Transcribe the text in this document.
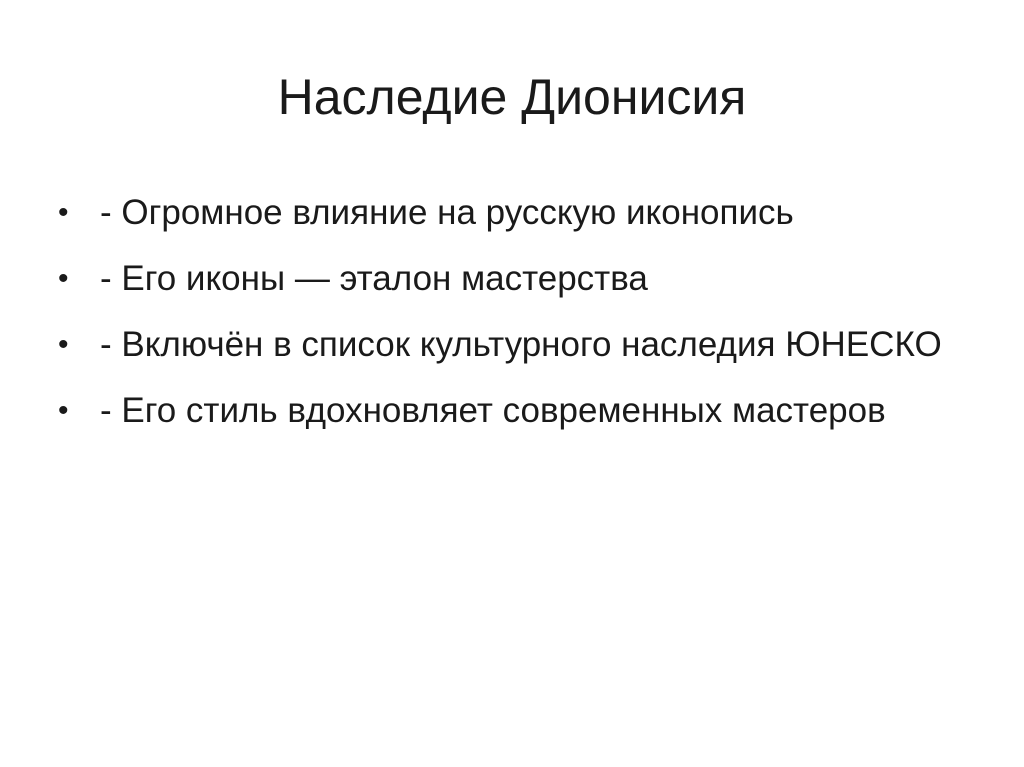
Наследие Дионисия
• - Огромное влияние на русскую иконопись
• - Его иконы — эталон мастерства
• - Включён в список культурного наследия ЮНЕСКО
• - Его стиль вдохновляет современных мастеров
